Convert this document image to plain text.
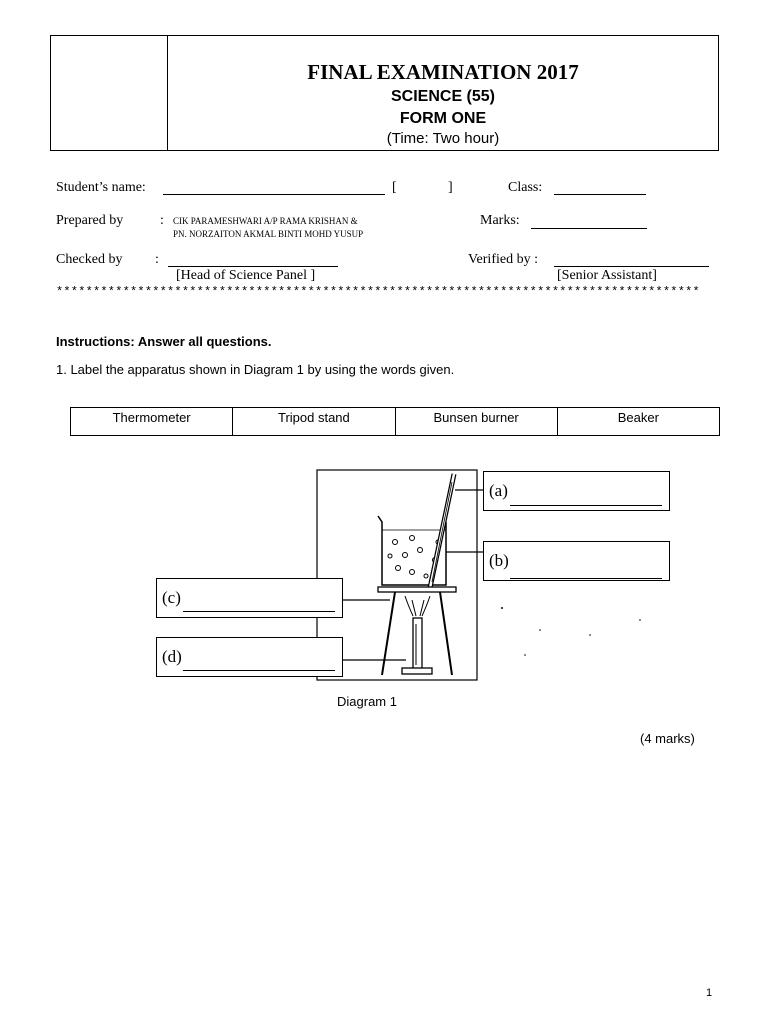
FINAL EXAMINATION 2017
SCIENCE (55)
FORM ONE
(Time: Two hour)
Student’s name:	[	]	Class:
Prepared by	: CIK PARAMESHWARI A/P RAMA KRISHAN &
PN. NORZAITON AKMAL BINTI MOHD YUSUP
Marks:
Checked by :
[Head of Science Panel ]
Verified by :
[Senior Assistant]
***************************************************************************************
Instructions: Answer all questions.
1. Label the apparatus shown in Diagram 1 by using the words given.
Thermometer	Tripod stand	Bunsen burner	Beaker
(a)
(b)
(c)
(d)
Diagram 1
(4 marks)
1
